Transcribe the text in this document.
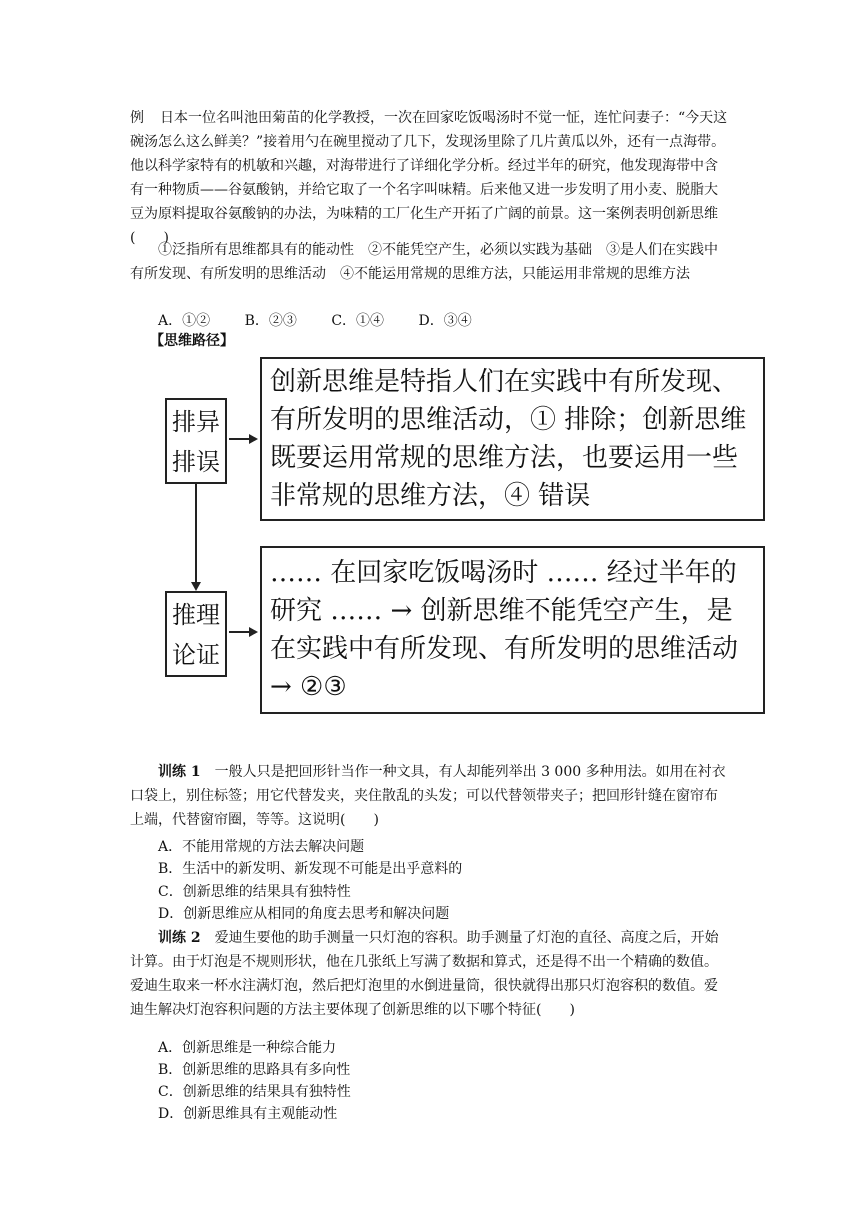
例 日本一位名叫池田菊苗的化学教授，一次在回家吃饭喝汤时不觉一怔，连忙问妻子：“今天这碗汤怎么这么鲜美？”接着用勺在碗里搅动了几下，发现汤里除了几片黄瓜以外，还有一点海带。他以科学家特有的机敏和兴趣，对海带进行了详细化学分析。经过半年的研究，他发现海带中含有一种物质——谷氨酸钠，并给它取了一个名字叫味精。后来他又进一步发明了用小麦、脱脂大豆为原料提取谷氨酸钠的办法，为味精的工厂化生产开拓了广阔的前景。这一案例表明创新思维(　　)

①泛指所有思维都具有的能动性　②不能凭空产生，必须以实践为基础　③是人们在实践中有所发现、有所发明的思维活动　④不能运用常规的思维方法，只能运用非常规的思维方法

A．①② B．②③ C．①④ D．③④
【思维路径】
排异
排误
创新思维是特指人们在实践中有所发现、
有所发明的思维活动，① 排除；创新思维
既要运用常规的思维方法，也要运用一些
非常规的思维方法，④ 错误
推理
论证
…… 在回家吃饭喝汤时 …… 经过半年的
研究 …… → 创新思维不能凭空产生，是
在实践中有所发现、有所发明的思维活动
→ ②③

训练 1 一般人只是把回形针当作一种文具，有人却能列举出 3 000 多种用法。如用在衬衣口袋上，别住标签；用它代替发夹，夹住散乱的头发；可以代替领带夹子；把回形针缝在窗帘布上端，代替窗帘圈，等等。这说明(　　)

A．不能用常规的方法去解决问题
B．生活中的新发明、新发现不可能是出乎意料的
C．创新思维的结果具有独特性
D．创新思维应从相同的角度去思考和解决问题

训练 2 爱迪生要他的助手测量一只灯泡的容积。助手测量了灯泡的直径、高度之后，开始计算。由于灯泡是不规则形状，他在几张纸上写满了数据和算式，还是得不出一个精确的数值。爱迪生取来一杯水注满灯泡，然后把灯泡里的水倒进量筒，很快就得出那只灯泡容积的数值。爱迪生解决灯泡容积问题的方法主要体现了创新思维的以下哪个特征(　　)

A．创新思维是一种综合能力
B．创新思维的思路具有多向性
C．创新思维的结果具有独特性
D．创新思维具有主观能动性
